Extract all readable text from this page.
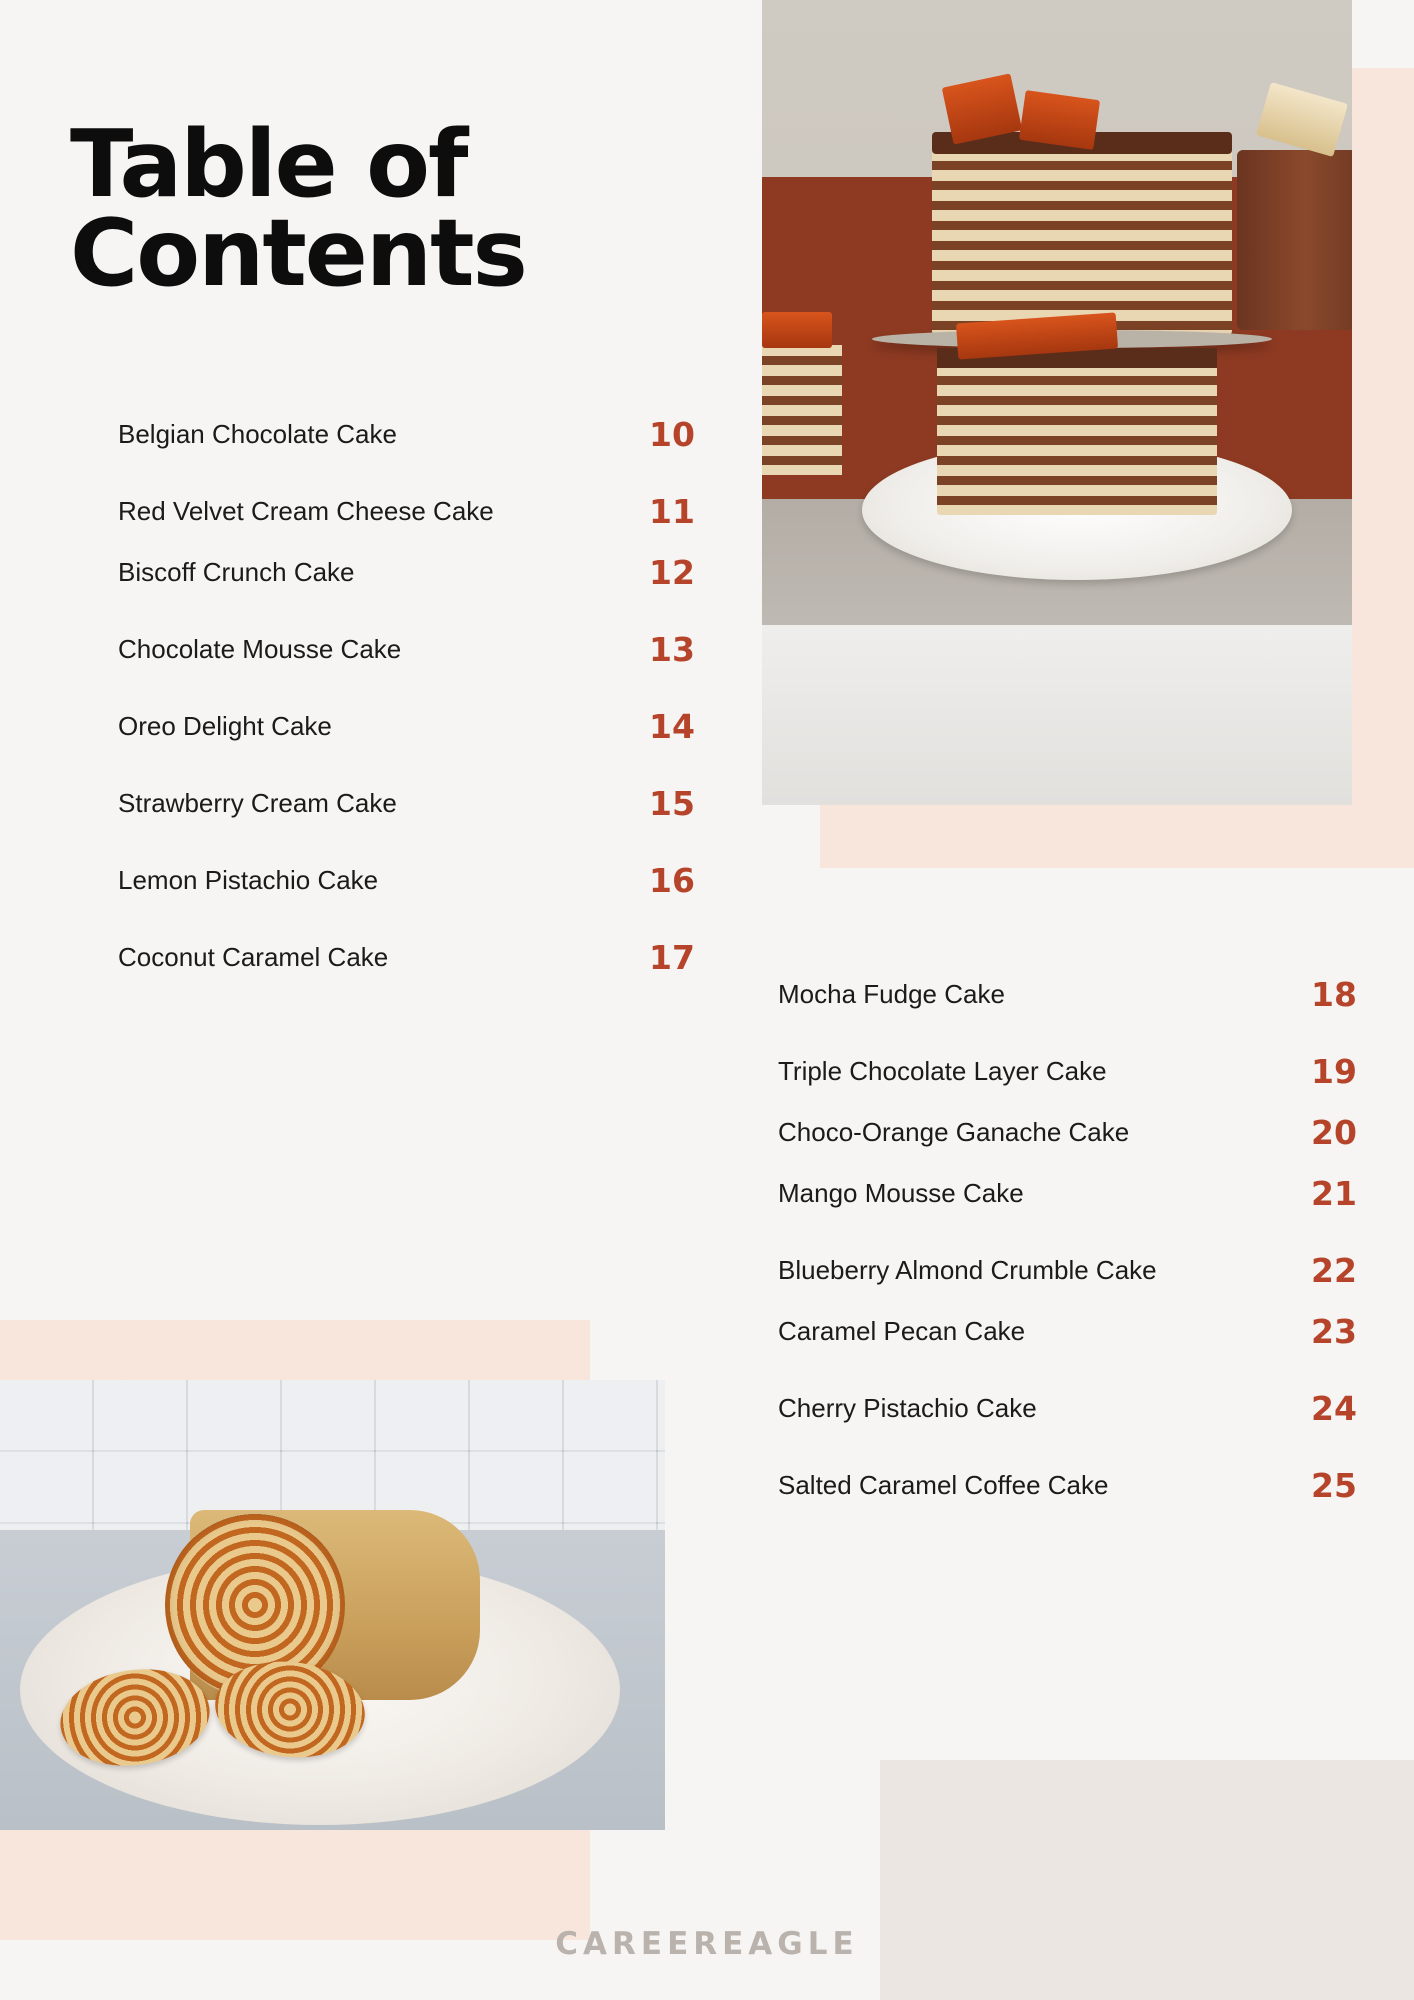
Table of Contents
Belgian Chocolate Cake	10
Red Velvet Cream Cheese Cake	11
Biscoff Crunch Cake	12
Chocolate Mousse Cake	13
Oreo Delight Cake	14
Strawberry Cream Cake	15
Lemon Pistachio Cake	16
Coconut Caramel Cake	17
Mocha Fudge Cake	18
Triple Chocolate Layer Cake	19
Choco-Orange Ganache Cake	20
Mango Mousse Cake	21
Blueberry Almond Crumble Cake	22
Caramel Pecan Cake	23
Cherry Pistachio Cake	24
Salted Caramel Coffee Cake	25
CAREEREAGLE
